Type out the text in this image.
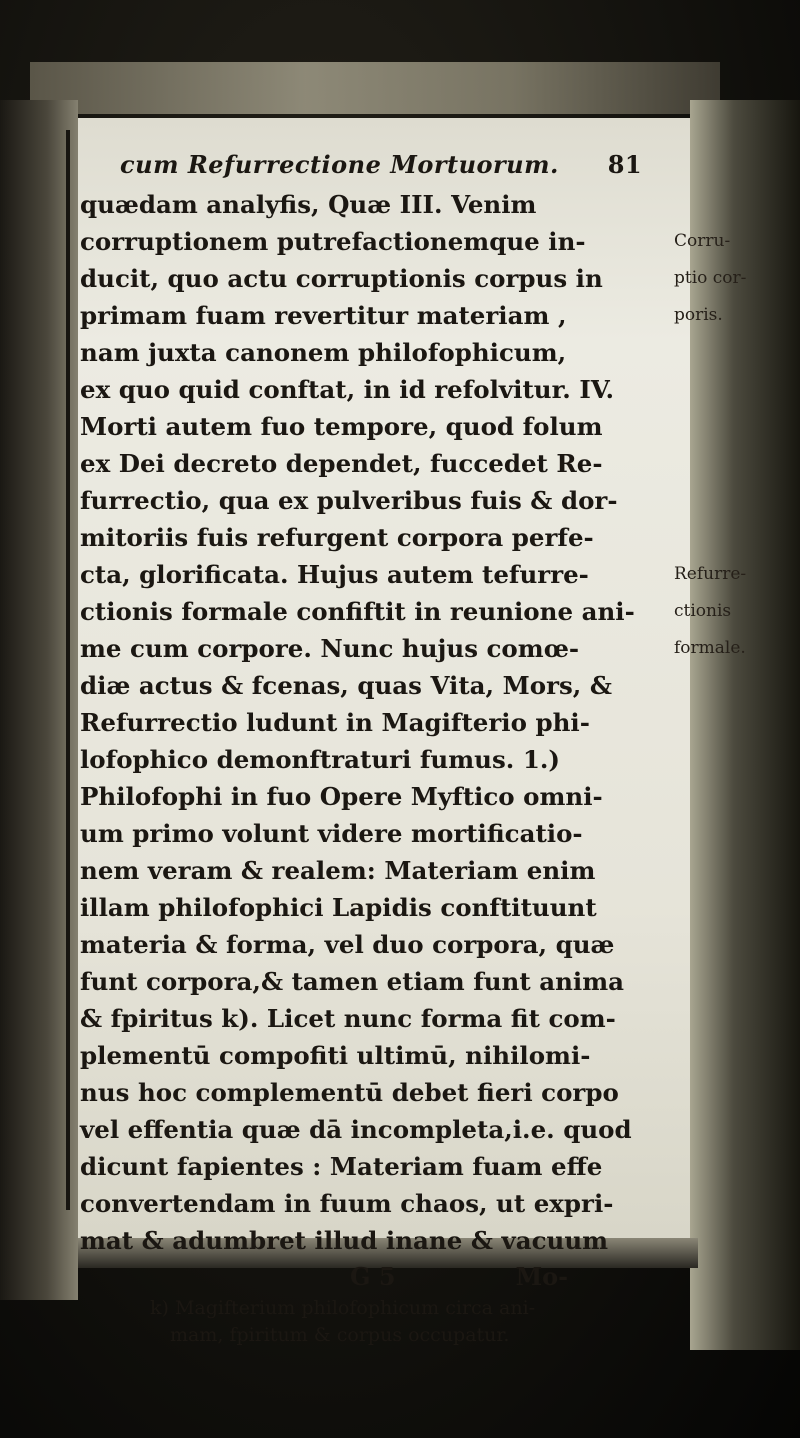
cum Refurrectione Mortuorum. 81
quædam analyfis, Quæ III. Venim
corruptionem putrefactionemque in-	Corru-
ducit, quo actu corruptionis corpus in	ptio cor-
primam fuam revertitur materiam ,	poris.
nam juxta canonem philofophicum,
ex quo quid conftat, in id refolvitur. IV.
Morti autem fuo tempore, quod folum
ex Dei decreto dependet, fuccedet Re-
furrectio, qua ex pulveribus fuis & dor-
mitoriis fuis refurgent corpora perfe-
cta, glorificata. Hujus autem tefurre-	Refurre-
ctionis formale confiftit in reunione ani- ctionis
me cum corpore. Nunc hujus comœ-	formale.
diæ actus & fcenas, quas Vita, Mors, &
Refurrectio ludunt in Magifterio phi-
lofophico demonftraturi fumus. 1.)
Philofophi in fuo Opere Myftico omni-
um primo volunt videre mortificatio-
nem veram & realem: Materiam enim
illam philofophici Lapidis conftituunt
materia & forma, vel duo corpora, quæ
funt corpora,& tamen etiam funt anima
& fpiritus k). Licet nunc forma fit com-
plementū compofiti ultimū, nihilomi-
nus hoc complementū debet fieri corpo
vel effentia quæ dā incompleta,i.e. quod
dicunt fapientes : Materiam fuam effe
convertendam in fuum chaos, ut expri-
mat & adumbret illud inane & vacuum
G 5	Mo-
k) Magifterium philofophicum circa ani-
mam, fpiritum & corpus occupatur.
